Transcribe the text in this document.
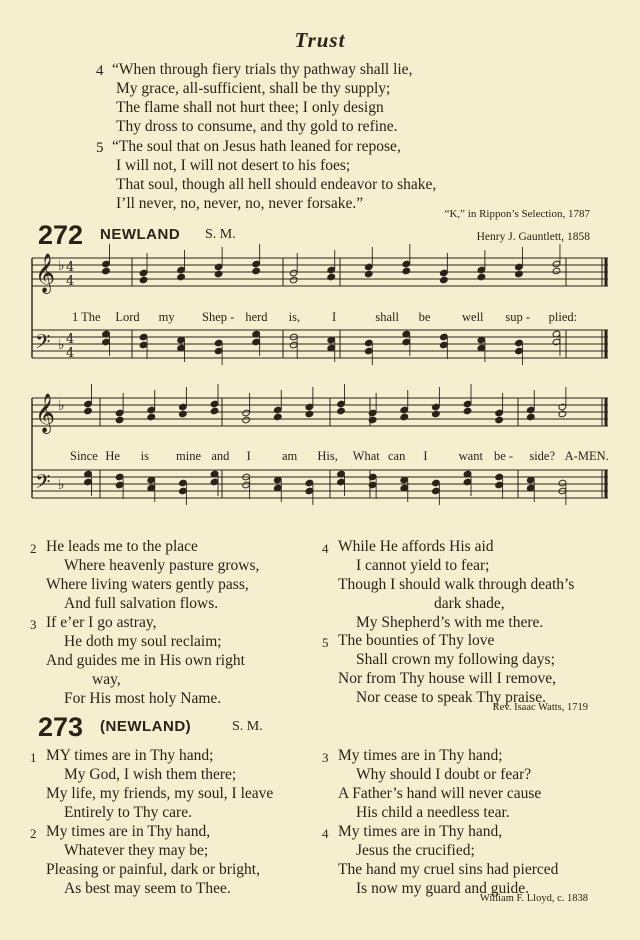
Trust
4 “When through fiery trials thy pathway shall lie,
My grace, all-sufficient, shall be thy supply;
The flame shall not hurt thee; I only design
Thy dross to consume, and thy gold to refine.
5 “The soul that on Jesus hath leaned for repose,
I will not, I will not desert to his foes;
That soul, though all hell should endeavor to shake,
I’ll never, no, never, no, never forsake.”
“K,” in Rippon’s Selection, 1787
272 NEWLAND S. M.	Henry J. Gauntlett, 1858
𝄞
𝄢
♭
♭
4
4
4
4
𝄞
𝄢
♭
♭
1 The Lord my Shep - herd is,	I	shall be	well sup - plied:
Since He is mine and I am His, What can I want be - side? A-MEN.
2 He leads me to the place
Where heavenly pasture grows,
Where living waters gently pass,
And full salvation flows.
3 If e’er I go astray,
He doth my soul reclaim;
And guides me in His own right
way,
For His most holy Name.
4 While He affords His aid
I cannot yield to fear;
Though I should walk through death’s
dark shade,
My Shepherd’s with me there.
5 The bounties of Thy love
Shall crown my following days;
Nor from Thy house will I remove,
Nor cease to speak Thy praise.
Rev. Isaac Watts, 1719
273 (NEWLAND)	S. M.
1 MY times are in Thy hand;
My God, I wish them there;
My life, my friends, my soul, I leave
Entirely to Thy care.
2 My times are in Thy hand,
Whatever they may be;
Pleasing or painful, dark or bright,
As best may seem to Thee.
3 My times are in Thy hand;
Why should I doubt or fear?
A Father’s hand will never cause
His child a needless tear.
4 My times are in Thy hand,
Jesus the crucified;
The hand my cruel sins had pierced
Is now my guard and guide.
William F. Lloyd, c. 1838
